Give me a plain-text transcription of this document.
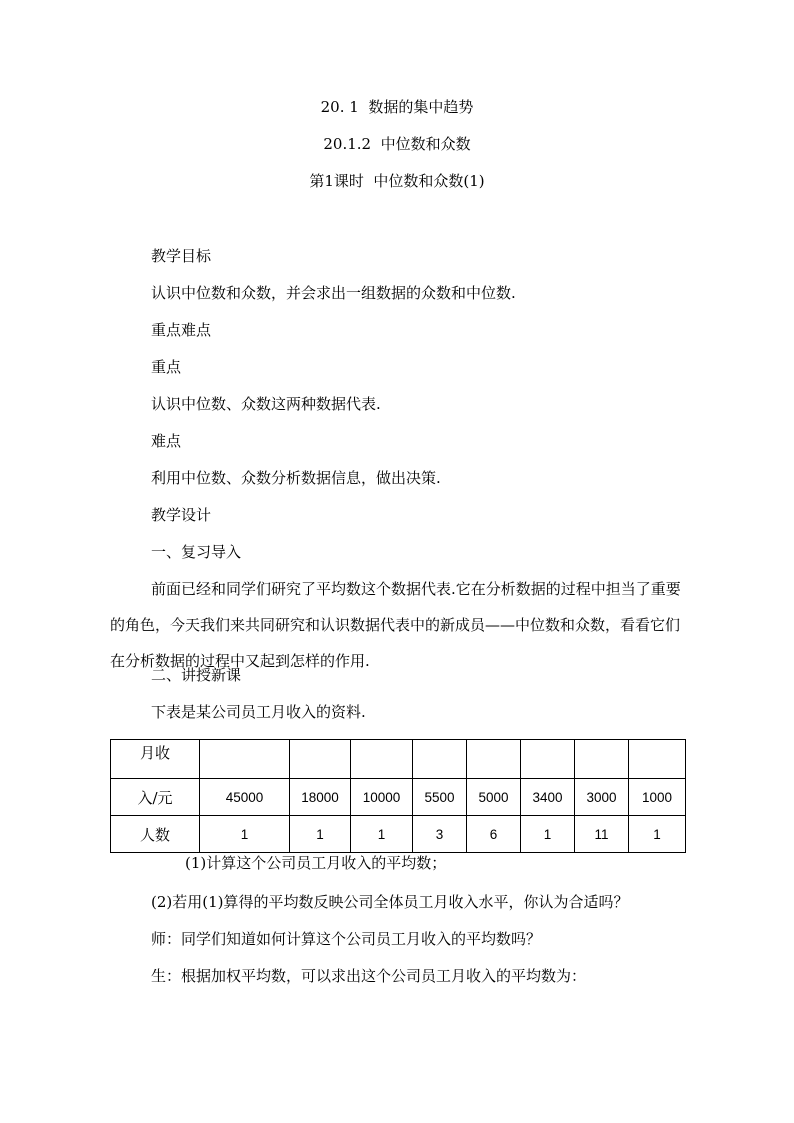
20. 1  数据的集中趋势
20.1.2  中位数和众数
第1课时  中位数和众数(1)
教学目标
认识中位数和众数，并会求出一组数据的众数和中位数.
重点难点
重点
认识中位数、众数这两种数据代表.
难点
利用中位数、众数分析数据信息，做出决策.
教学设计
一、复习导入
前面已经和同学们研究了平均数这个数据代表.它在分析数据的过程中担当了重要的角色，今天我们来共同研究和认识数据代表中的新成员——中位数和众数，看看它们在分析数据的过程中又起到怎样的作用.
二、讲授新课
下表是某公司员工月收入的资料.
月收								
入/元	45000	18000	10000	5500	5000	3400	3000	1000
人数	1	1	1	3	6	1	11	1
(1)计算这个公司员工月收入的平均数；
(2)若用(1)算得的平均数反映公司全体员工月收入水平，你认为合适吗？
师：同学们知道如何计算这个公司员工月收入的平均数吗？
生：根据加权平均数，可以求出这个公司员工月收入的平均数为：
